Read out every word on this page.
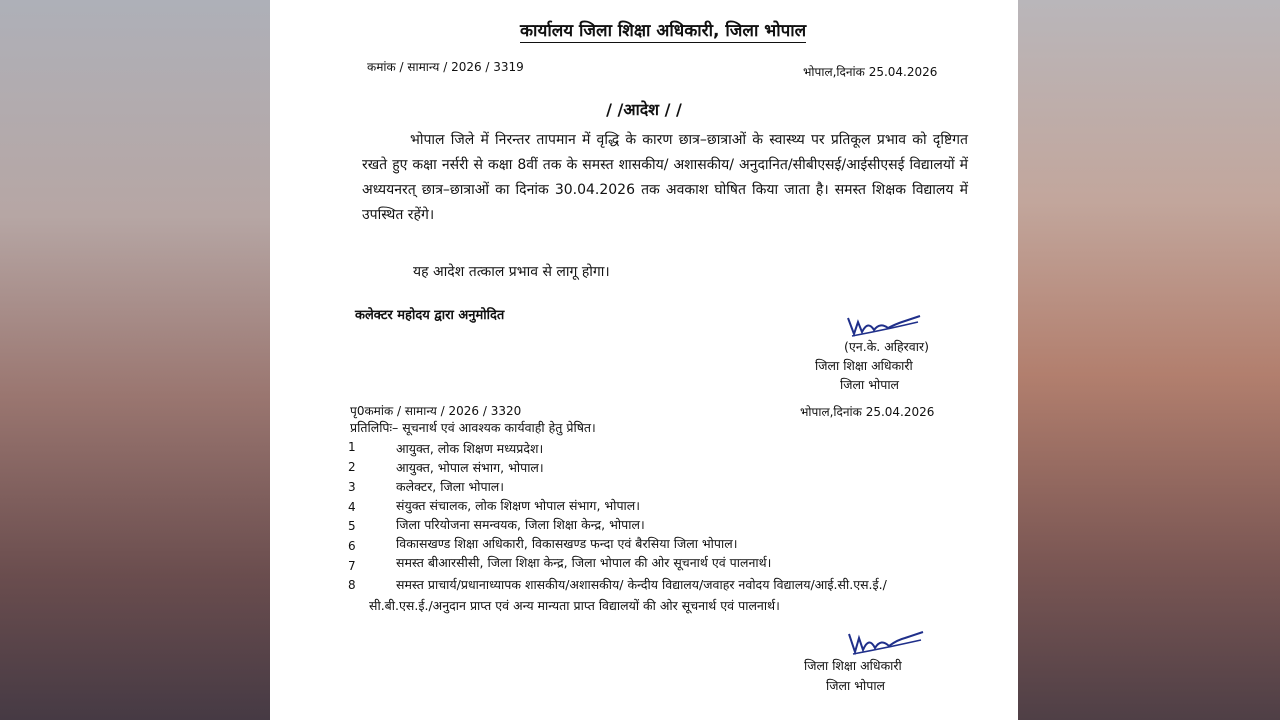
कार्यालय जिला शिक्षा अधिकारी, जिला भोपाल
कमांक / सामान्य / 2026 / 3319	भोपाल,दिनांक 25.04.2026
/ /आदेश / /
भोपाल जिले में निरन्तर तापमान में वृद्धि के कारण छात्र–छात्राओं के स्वास्थ्य पर प्रतिकूल प्रभाव को दृष्टिगत रखते हुए कक्षा नर्सरी से कक्षा 8वीं तक के समस्त शासकीय/ अशासकीय/ अनुदानित/सीबीएसई/आईसीएसई विद्यालयों में अध्ययनरत् छात्र–छात्राओं का दिनांक 30.04.2026 तक अवकाश घोषित किया जाता है। समस्त शिक्षक विद्यालय में उपस्थित रहेंगे।
यह आदेश तत्काल प्रभाव से लागू होगा।
कलेक्टर महोदय द्वारा अनुमोदित
(एन.के. अहिरवार)
जिला शिक्षा अधिकारी
जिला भोपाल
पृ0कमांक / सामान्य / 2026 / 3320	भोपाल,दिनांक 25.04.2026
प्रतिलिपिः– सूचनार्थ एवं आवश्यक कार्यवाही हेतु प्रेषित।
1	आयुक्त, लोक शिक्षण मध्यप्रदेश।
2	आयुक्त, भोपाल संभाग, भोपाल।
3	कलेक्टर, जिला भोपाल।
4	संयुक्त संचालक, लोक शिक्षण भोपाल संभाग, भोपाल।
5	जिला परियोजना समन्वयक, जिला शिक्षा केन्द्र, भोपाल।
6	विकासखण्ड शिक्षा अधिकारी, विकासखण्ड फन्दा एवं बैरसिया जिला भोपाल।
7	समस्त बीआरसीसी, जिला शिक्षा केन्द्र, जिला भोपाल की ओर सूचनार्थ एवं पालनार्थ।
8	समस्त प्राचार्य/प्रधानाध्यापक शासकीय/अशासकीय/ केन्दीय विद्यालय/जवाहर नवोदय विद्यालय/आई.सी.एस.ई./सी.बी.एस.ई./अनुदान प्राप्त एवं अन्य मान्यता प्राप्त विद्यालयों की ओर सूचनार्थ एवं पालनार्थ।
जिला शिक्षा अधिकारी
जिला भोपाल
